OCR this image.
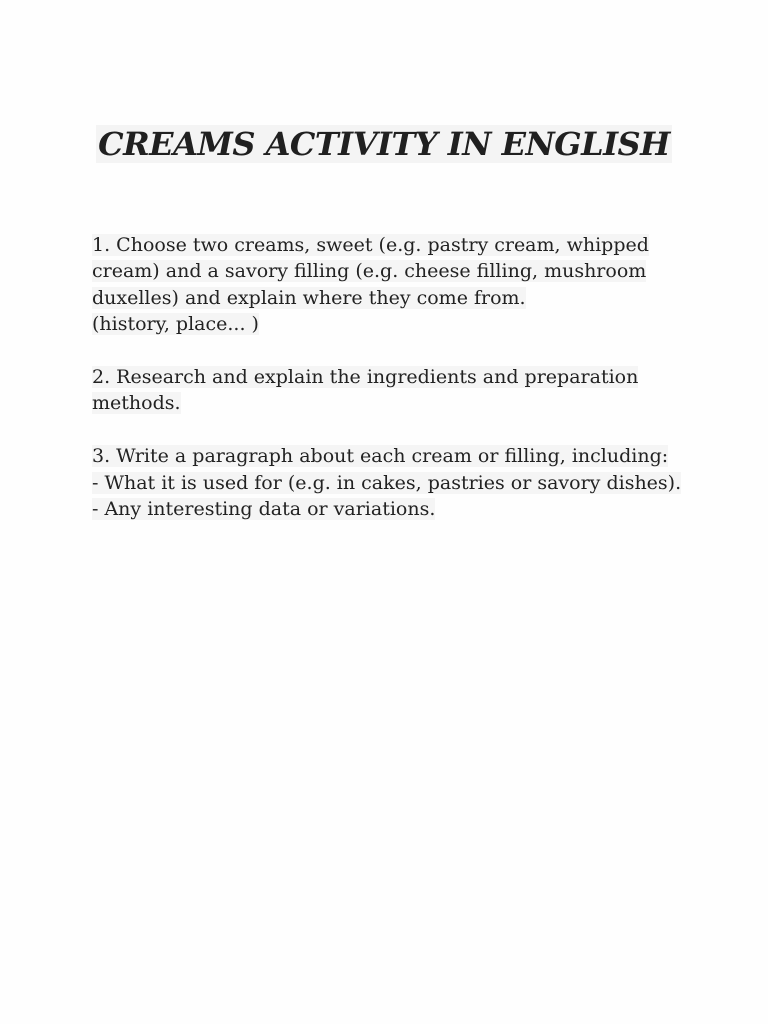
CREAMS ACTIVITY IN ENGLISH
1. Choose two creams, sweet (e.g. pastry cream, whipped
cream) and a savory filling (e.g. cheese filling, mushroom
duxelles) and explain where they come from.
(history, place... )
2. Research and explain the ingredients and preparation
methods.
3. Write a paragraph about each cream or filling, including:
- What it is used for (e.g. in cakes, pastries or savory dishes).
- Any interesting data or variations.
